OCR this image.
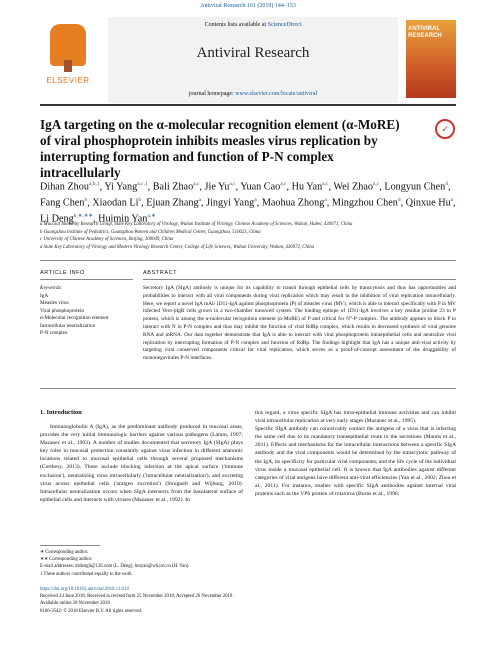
Antiviral Research 161 (2019) 144–153
ELSEVIER
Contents lists available at ScienceDirect
Antiviral Research
journal homepage: www.elsevier.com/locate/antiviral
ANTIVIRAL RESEARCH
IgA targeting on the α-molecular recognition element (α-MoRE) of viral phosphoprotein inhibits measles virus replication by interrupting formation and function of P-N complex intracellularly
✓
Dihan Zhou$^{a,b,1}$, Yi Yang$^{a,c,1}$, Bali Zhao$^{a,c}$, Jie Yu$^{a,c}$, Yuan Cao$^{a,c}$, Hu Yan$^{a,c}$, Wei Zhao$^{a,c}$, Longyun Chen$^d$, Fang Chen$^b$, Xiaodan Li$^b$, Ejuan Zhang$^a$, Jingyi Yang$^a$, Maohua Zhong$^a$, Mingzhou Chen$^d$, Qinxue Hu$^a$, Li Deng$^{b,∗,∗∗}$, Huimin Yan$^{a,∗}$
a Mucosal Immunity Research Group, State Key Laboratory of Virology, Wuhan Institute of Virology, Chinese Academy of Sciences, Wuhan, Hubei, 430071, China
b Guangzhou Institute of Pediatrics, Guangzhou Women and Children Medical Center, Guangzhou, 510623, China
c University of Chinese Academy of Sciences, Beijing, 100049, China
d State Key Laboratory of Virology and Modern Virology Research Center, College of Life Sciences, Wuhan University, Wuhan, 430072, China
ARTICLE INFO	ABSTRACT
Keywords:
IgA
Measles virus
Viral phosphoprotein
α-Molecular recognition element
Intracellular neutralization
P-N complex
Secretory IgA (SIgA) antibody is unique for its capability to transit through epithelial cells by transcytosis and thus has opportunities and probabilities to interact with all viral components during viral replication which may result in the inhibition of viral replication intracellularly. Here, we report a novel IgA mAb 1D11-IgA against phosphoprotein (P) of measles virus (MV), which is able to interact specifically with P in MV infected Vero-pIgR cells grown in a two-chamber transwell system. The binding epitope of 1D11-IgA involves a key residue proline 23 in P protein, which is among the α-molecular recognition element (α-MoRE) of P and critical for N°-P complex. The antibody appears to block P to interact with N in P-N complex and thus may inhibit the function of viral RdRp complex, which results in decreased synthesis of viral genome RNA and mRNA. Our data together demonstrate that IgA is able to interact with viral phosphoprotein intraepithelial cells and neutralize viral replication by interrupting formation of P-N complex and function of RdRp. The findings highlight that IgA has a unique anti-viral activity by targeting viral conserved components critical for viral replication, which serves as a proof-of-concept assessment of the druggability of mononegavirales P-N interfaces.
1. Introduction
Immunoglobulin A (IgA), as the predominant antibody produced in mucosal areas, provides the very initial immunologic barriers against various pathogens (Lamm, 1997; Mazanec et al., 1993). A number of studies documented that secretory IgA (SIgA) plays key roles in mucosal protection constantly against virus infection in different anatomic locations related to mucosal epithelial cells through several proposed mechanisms (Corthesy, 2013). These include blocking infection at the apical surface ('immune exclusion'), neutralizing virus intracellularly ('intracellular neutralization'), and excreting virus across epithelial cells ('antigen excretion') (Strugnell and Wijburg, 2010). Intracellular neutralization occurs when SIgA intersects from the basolateral surface of epithelial cells and interacts with viruses (Mazanec et al., 1992). In
this regard, a virus specific SIgA has intra-epithelial immune activities and can inhibit viral intracellular replication at very early stages (Mazanec et al., 1995).
Specific SIgA antibody can conceivably contact the antigens of a virus that is infecting the same cell due to its mandatory transepithelial route to the secretions (Mantis et al., 2011). Effects and mechanisms for the intracellular interactions between a specific SIgA antibody and the viral components would be determined by the transcytotic pathway of the IgA, its specificity for particular viral components, and the life cycle of the individual virus inside a mucosal epithelial cell. It is known that IgA antibodies against different categories of viral antigens have different anti-viral efficiencies (Yan et al., 2002; Zhou et al., 2011). For instance, studies with specific SIgA antibodies against internal viral proteins such as the VP6 protein of rotavirus (Burns et al., 1996;
∗ Corresponding author.
∗∗ Corresponding author.
E-mail addresses: drdengli@126.com (L. Deng), hmyan@wh.iov.cn (H. Yan).
1 These authors contributed equally to the work.
https://doi.org/10.1016/j.antiviral.2018.11.014
Received 24 June 2018; Received in revised form 25 November 2018; Accepted 26 November 2018
Available online 28 November 2018
0166-3542/ © 2018 Elsevier B.V. All rights reserved.
